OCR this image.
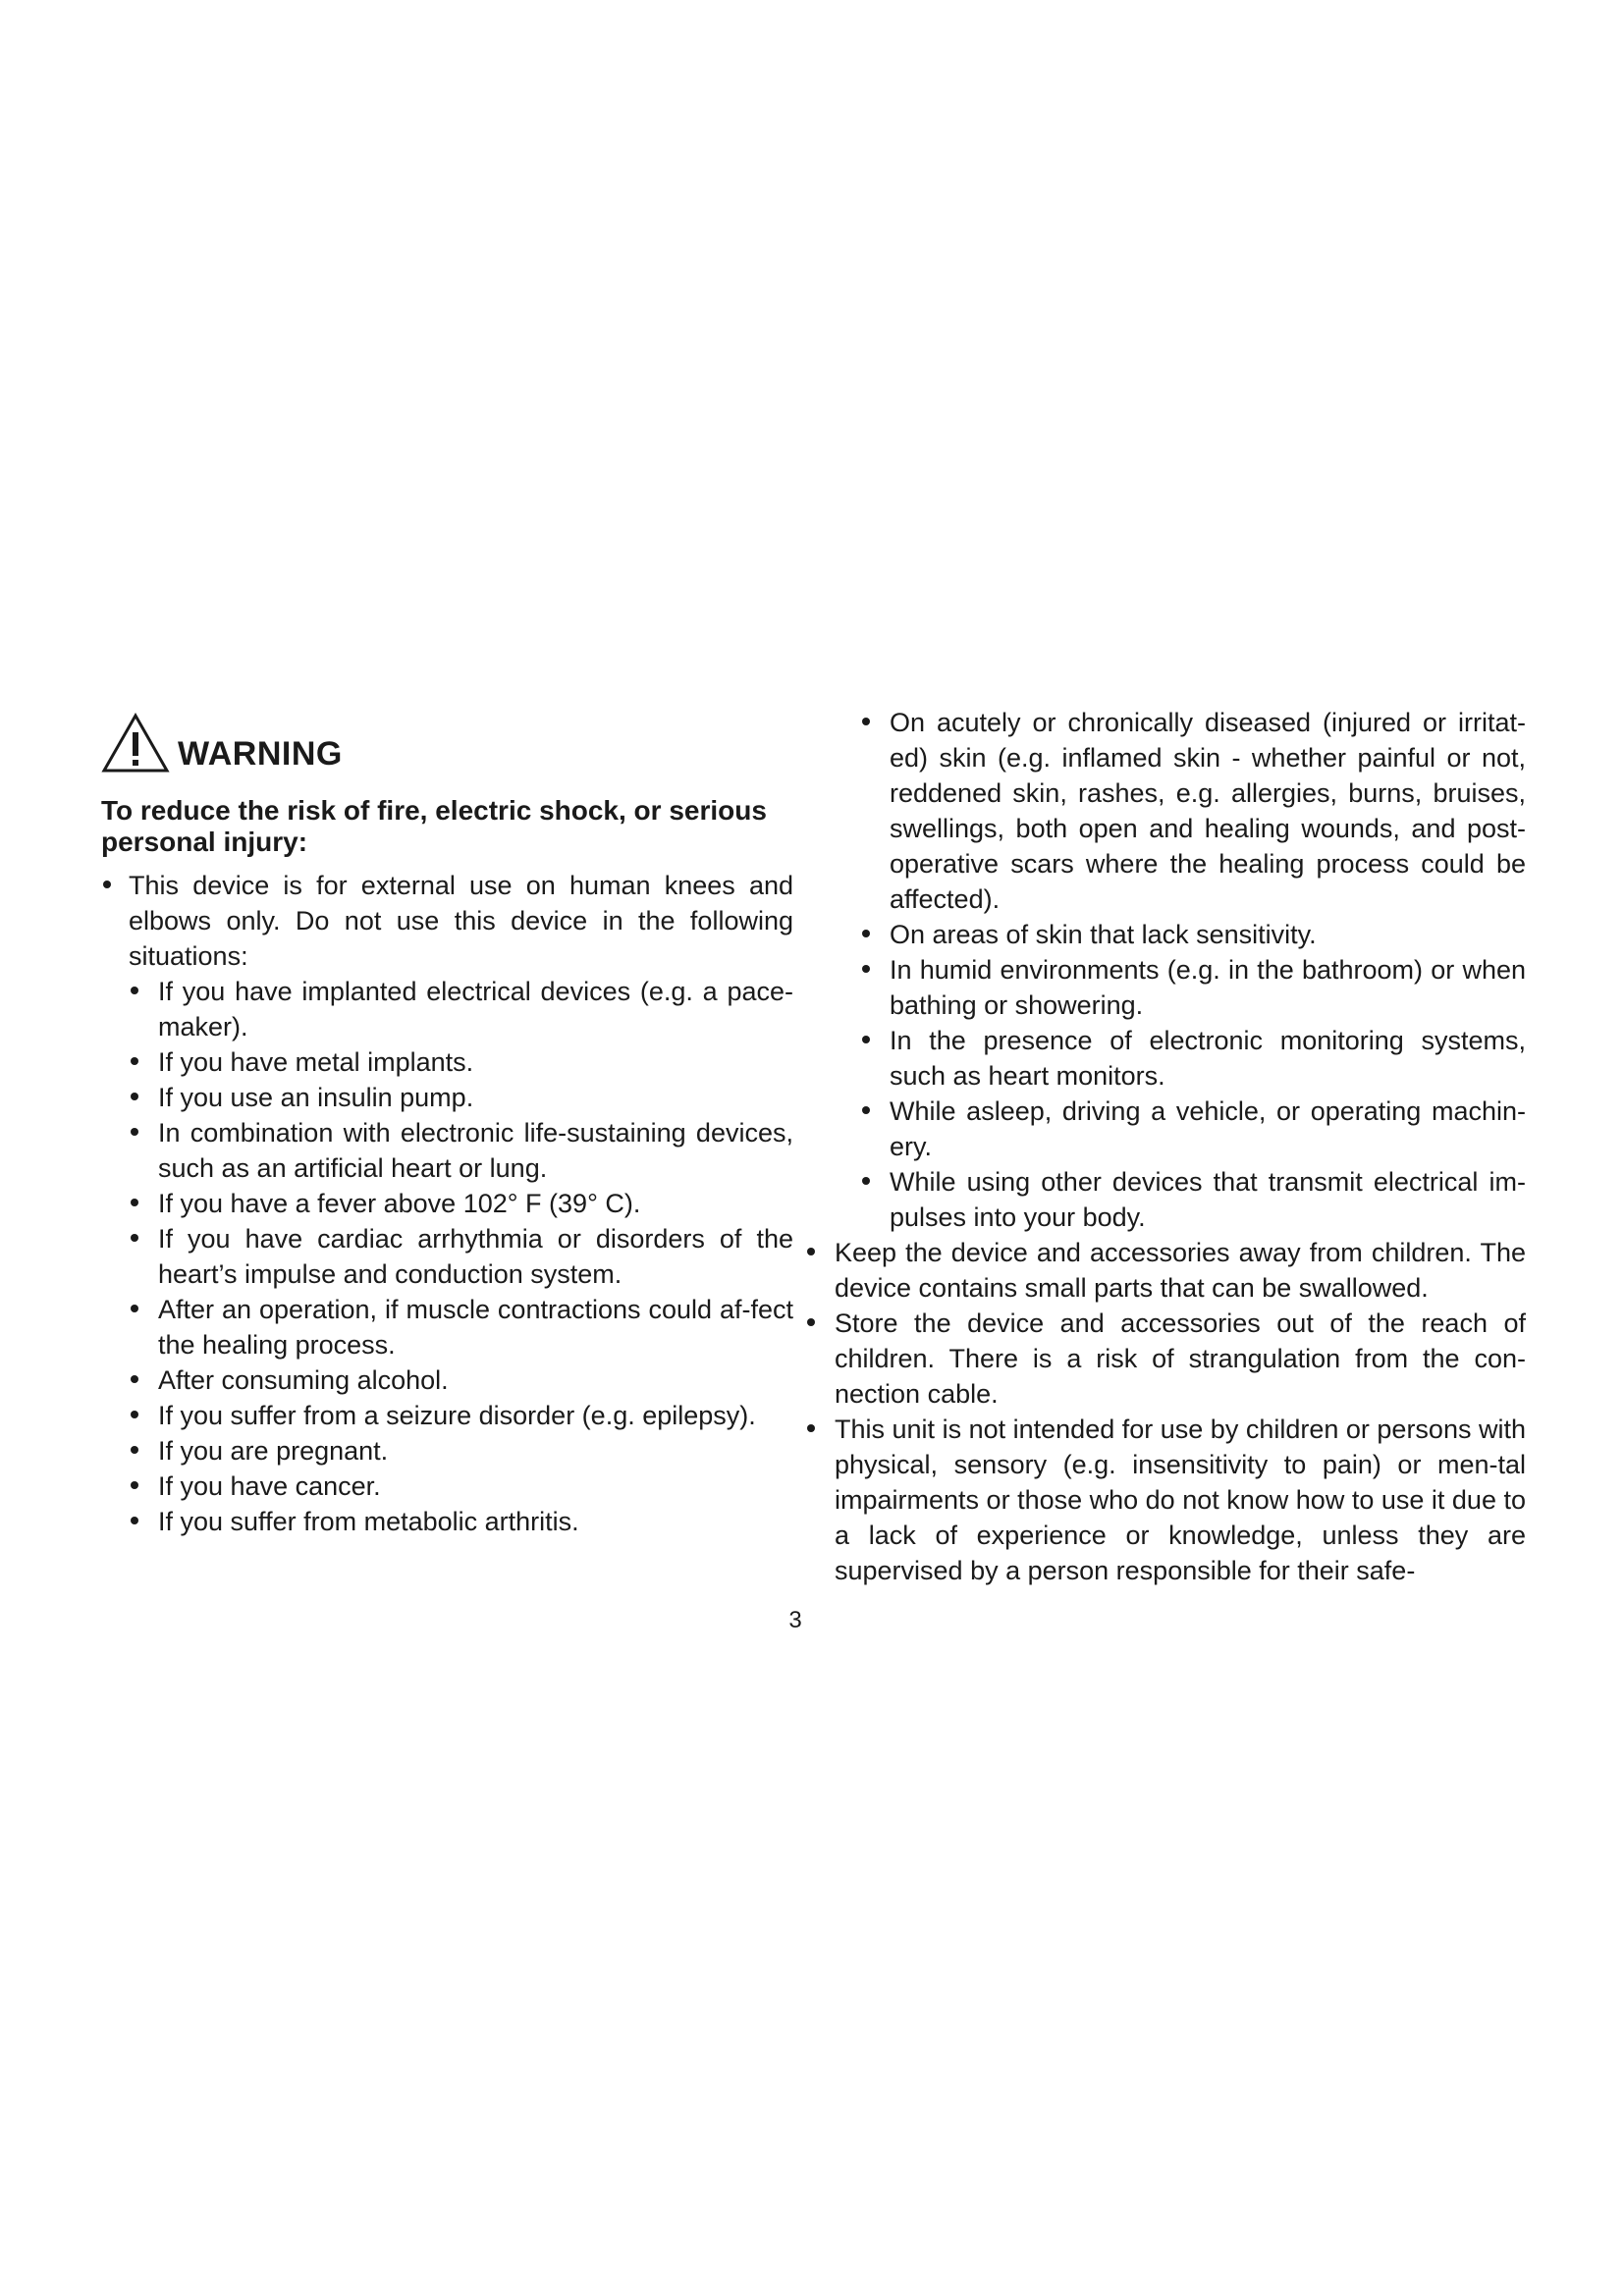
WARNING
To reduce the risk of fire, electric shock, or serious personal injury:
This device is for external use on human knees and elbows only. Do not use this device in the following situations:
If you have implanted electrical devices (e.g. a pace-maker).
If you have metal implants.
If you use an insulin pump.
In combination with electronic life-sustaining devices, such as an artificial heart or lung.
If you have a fever above 102° F (39° C).
If you have cardiac arrhythmia or disorders of the heart’s impulse and conduction system.
After an operation, if muscle contractions could af-fect the healing process.
After consuming alcohol.
If you suffer from a seizure disorder (e.g. epilepsy).
If you are pregnant.
If you have cancer.
If you suffer from metabolic arthritis.
On acutely or chronically diseased (injured or irritat-ed) skin (e.g. inflamed skin - whether painful or not, reddened skin, rashes, e.g. allergies, burns, bruises, swellings, both open and healing wounds, and post-operative scars where the healing process could be affected).
On areas of skin that lack sensitivity.
In humid environments (e.g. in the bathroom) or when bathing or showering.
In the presence of electronic monitoring systems, such as heart monitors.
While asleep, driving a vehicle, or operating machin-ery.
While using other devices that transmit electrical im-pulses into your body.
Keep the device and accessories away from children. The device contains small parts that can be swallowed.
Store the device and accessories out of the reach of children. There is a risk of strangulation from the con-nection cable.
This unit is not intended for use by children or persons with physical, sensory (e.g. insensitivity to pain) or men-tal impairments or those who do not know how to use it due to a lack of experience or knowledge, unless they are supervised by a person responsible for their safe-
3
